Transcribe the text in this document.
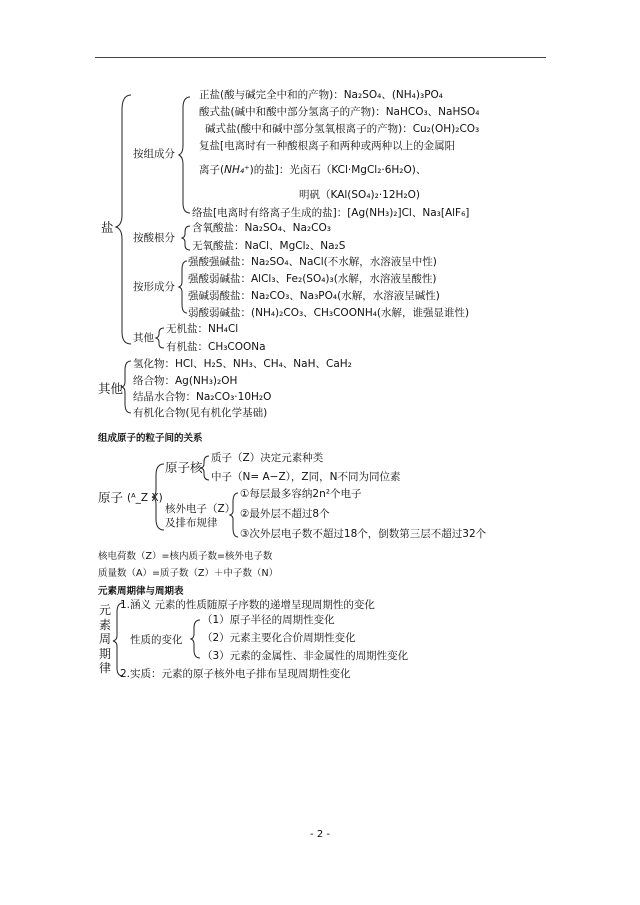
盐
按组成分
正盐(酸与碱完全中和的产物)：Na₂SO₄、(NH₄)₃PO₄
酸式盐(碱中和酸中部分氢离子的产物)：NaHCO₃、NaHSO₄
碱式盐(酸中和碱中部分氢氧根离子的产物)：Cu₂(OH)₂CO₃
复盐[电离时有一种酸根离子和两种或两种以上的金属阳
离子(NH₄⁺)的盐]：光卤石（KCl·MgCl₂·6H₂O)、
明矾（KAl(SO₄)₂·12H₂O)
络盐[电离时有络离子生成的盐]：[Ag(NH₃)₂]Cl、Na₃[AlF₆]
按酸根分
含氧酸盐：Na₂SO₄、Na₂CO₃
无氧酸盐：NaCl、MgCl₂、Na₂S
按形成分
强酸强碱盐：Na₂SO₄、NaCl(不水解，水溶液呈中性)
强酸弱碱盐：AlCl₃、Fe₂(SO₄)₃(水解，水溶液呈酸性)
强碱弱酸盐：Na₂CO₃、Na₃PO₄(水解，水溶液呈碱性)
弱酸弱碱盐：(NH₄)₂CO₃、CH₃COONH₄(水解，谁强显谁性)
其他
无机盐：NH₄Cl
有机盐：CH₃COONa
其他
氢化物：HCl、H₂S、NH₃、CH₄、NaH、CaH₂
络合物：Ag(NH₃)₂OH
结晶水合物：Na₂CO₃·10H₂O
有机化合物(见有机化学基础)
组成原子的粒子间的关系
原子 (ᴬ_Z X)
原子核
质子（Z）决定元素种类
中子（N= A−Z），Z同，N不同为同位素
核外电子（Z）
及排布规律
①每层最多容纳2n²个电子
②最外层不超过8个
③次外层电子数不超过18个，倒数第三层不超过32个
核电荷数（Z）=核内质子数=核外电子数
质量数（A）=质子数（Z）＋中子数（N）
元素周期律与周期表
元素周期律
1.涵义 元素的性质随原子序数的递增呈现周期性的变化
性质的变化
（1）原子半径的周期性变化
（2）元素主要化合价周期性变化
（3）元素的金属性、非金属性的周期性变化
2.实质：元素的原子核外电子排布呈现周期性变化
- 2 -
